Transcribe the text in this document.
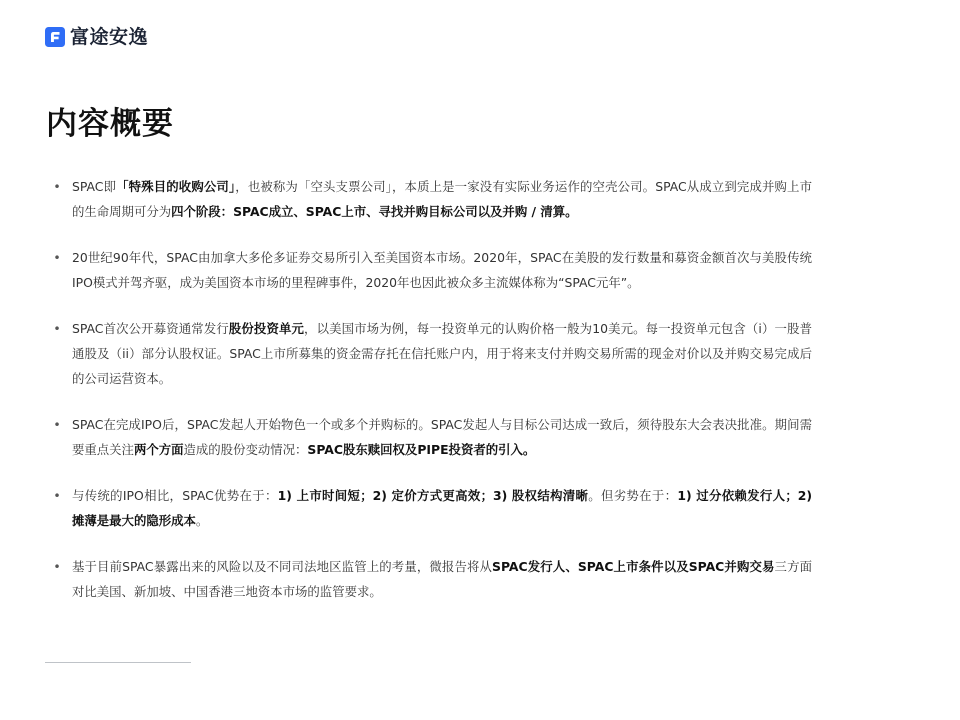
富途安逸
内容概要
• SPAC即「特殊目的收购公司」，也被称为「空头支票公司」，本质上是一家没有实际业务运作的空壳公司。SPAC从成立到完成并购上市的生命周期可分为四个阶段：SPAC成立、SPAC上市、寻找并购目标公司以及并购 / 清算。
• 20世纪90年代，SPAC由加拿大多伦多证券交易所引入至美国资本市场。2020年，SPAC在美股的发行数量和募资金额首次与美股传统IPO模式并驾齐驱，成为美国资本市场的里程碑事件，2020年也因此被众多主流媒体称为“SPAC元年”。
• SPAC首次公开募资通常发行股份投资单元，以美国市场为例，每一投资单元的认购价格一般为10美元。每一投资单元包含（i）一股普通股及（ii）部分认股权证。SPAC上市所募集的资金需存托在信托账户内，用于将来支付并购交易所需的现金对价以及并购交易完成后的公司运营资本。
• SPAC在完成IPO后，SPAC发起人开始物色一个或多个并购标的。SPAC发起人与目标公司达成一致后，须待股东大会表决批准。期间需要重点关注两个方面造成的股份变动情况：SPAC股东赎回权及PIPE投资者的引入。
• 与传统的IPO相比，SPAC优势在于：1) 上市时间短；2) 定价方式更高效；3) 股权结构清晰。但劣势在于：1) 过分依赖发行人；2) 摊薄是最大的隐形成本。
• 基于目前SPAC暴露出来的风险以及不同司法地区监管上的考量，微报告将从SPAC发行人、SPAC上市条件以及SPAC并购交易三方面对比美国、新加坡、中国香港三地资本市场的监管要求。
